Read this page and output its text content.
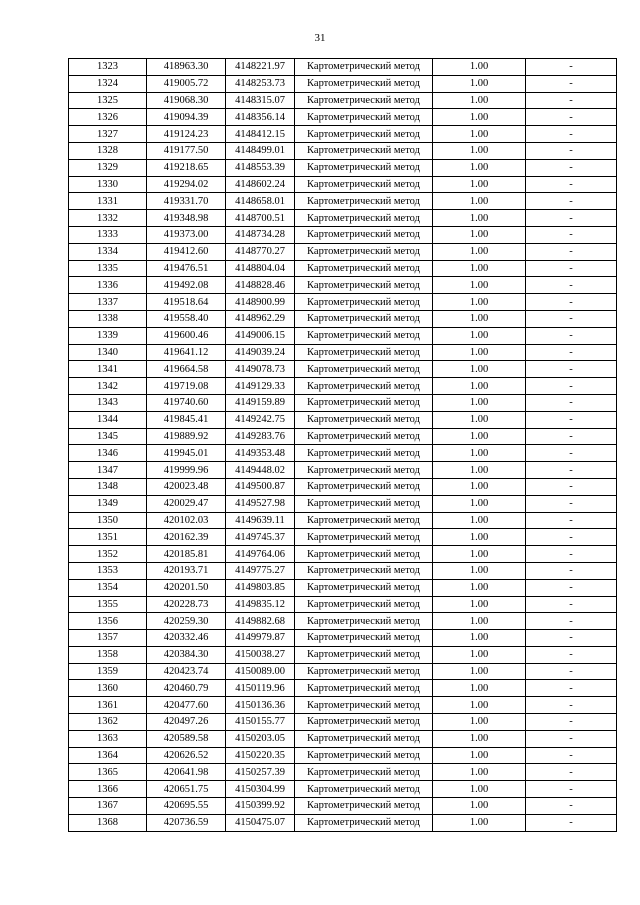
31
1323	418963.30	4148221.97	Картометрический метод	1.00	-
1324	419005.72	4148253.73	Картометрический метод	1.00	-
1325	419068.30	4148315.07	Картометрический метод	1.00	-
1326	419094.39	4148356.14	Картометрический метод	1.00	-
1327	419124.23	4148412.15	Картометрический метод	1.00	-
1328	419177.50	4148499.01	Картометрический метод	1.00	-
1329	419218.65	4148553.39	Картометрический метод	1.00	-
1330	419294.02	4148602.24	Картометрический метод	1.00	-
1331	419331.70	4148658.01	Картометрический метод	1.00	-
1332	419348.98	4148700.51	Картометрический метод	1.00	-
1333	419373.00	4148734.28	Картометрический метод	1.00	-
1334	419412.60	4148770.27	Картометрический метод	1.00	-
1335	419476.51	4148804.04	Картометрический метод	1.00	-
1336	419492.08	4148828.46	Картометрический метод	1.00	-
1337	419518.64	4148900.99	Картометрический метод	1.00	-
1338	419558.40	4148962.29	Картометрический метод	1.00	-
1339	419600.46	4149006.15	Картометрический метод	1.00	-
1340	419641.12	4149039.24	Картометрический метод	1.00	-
1341	419664.58	4149078.73	Картометрический метод	1.00	-
1342	419719.08	4149129.33	Картометрический метод	1.00	-
1343	419740.60	4149159.89	Картометрический метод	1.00	-
1344	419845.41	4149242.75	Картометрический метод	1.00	-
1345	419889.92	4149283.76	Картометрический метод	1.00	-
1346	419945.01	4149353.48	Картометрический метод	1.00	-
1347	419999.96	4149448.02	Картометрический метод	1.00	-
1348	420023.48	4149500.87	Картометрический метод	1.00	-
1349	420029.47	4149527.98	Картометрический метод	1.00	-
1350	420102.03	4149639.11	Картометрический метод	1.00	-
1351	420162.39	4149745.37	Картометрический метод	1.00	-
1352	420185.81	4149764.06	Картометрический метод	1.00	-
1353	420193.71	4149775.27	Картометрический метод	1.00	-
1354	420201.50	4149803.85	Картометрический метод	1.00	-
1355	420228.73	4149835.12	Картометрический метод	1.00	-
1356	420259.30	4149882.68	Картометрический метод	1.00	-
1357	420332.46	4149979.87	Картометрический метод	1.00	-
1358	420384.30	4150038.27	Картометрический метод	1.00	-
1359	420423.74	4150089.00	Картометрический метод	1.00	-
1360	420460.79	4150119.96	Картометрический метод	1.00	-
1361	420477.60	4150136.36	Картометрический метод	1.00	-
1362	420497.26	4150155.77	Картометрический метод	1.00	-
1363	420589.58	4150203.05	Картометрический метод	1.00	-
1364	420626.52	4150220.35	Картометрический метод	1.00	-
1365	420641.98	4150257.39	Картометрический метод	1.00	-
1366	420651.75	4150304.99	Картометрический метод	1.00	-
1367	420695.55	4150399.92	Картометрический метод	1.00	-
1368	420736.59	4150475.07	Картометрический метод	1.00	-
